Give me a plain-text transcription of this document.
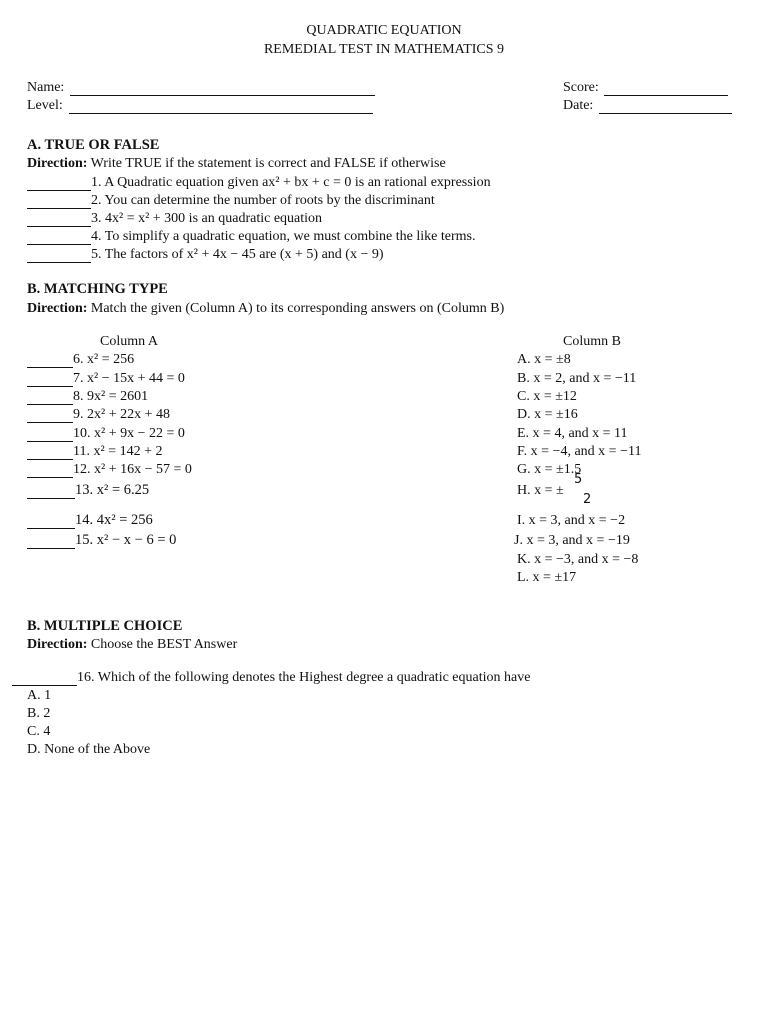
QUADRATIC EQUATION
REMEDIAL TEST IN MATHEMATICS 9
Name:
Level:
Score:
Date:
A. TRUE OR FALSE
Direction: Write TRUE if the statement is correct and FALSE if otherwise
1. A Quadratic equation given ax² + bx + c = 0 is an rational expression
2. You can determine the number of roots by the discriminant
3. 4x² = x² + 300 is an quadratic equation
4. To simplify a quadratic equation, we must combine the like terms.
5. The factors of x² + 4x − 45 are (x + 5) and (x − 9)
B. MATCHING TYPE
Direction: Match the given (Column A) to its corresponding answers on (Column B)
Column A	Column B
6. x² = 256
7. x² − 15x + 44 = 0
8. 9x² = 2601
9. 2x² + 22x + 48
10. x² + 9x − 22 = 0
11. x² = 142 + 2
12. x² + 16x − 57 = 0
13. x² = 6.25
14. 4x² = 256
15. x² − x − 6 = 0
A. x = ±8
B. x = 2, and x = −11
C. x = ±12
D. x = ±16
E. x = 4, and x = 11
F. x = −4, and x = −11
G. x = ±1.5
H. x = ±
5
2
I. x = 3, and x = −2
J. x = 3, and x = −19
K. x = −3, and x = −8
L. x = ±17
B. MULTIPLE CHOICE
Direction: Choose the BEST Answer
16. Which of the following denotes the Highest degree a quadratic equation have
A. 1
B. 2
C. 4
D. None of the Above
